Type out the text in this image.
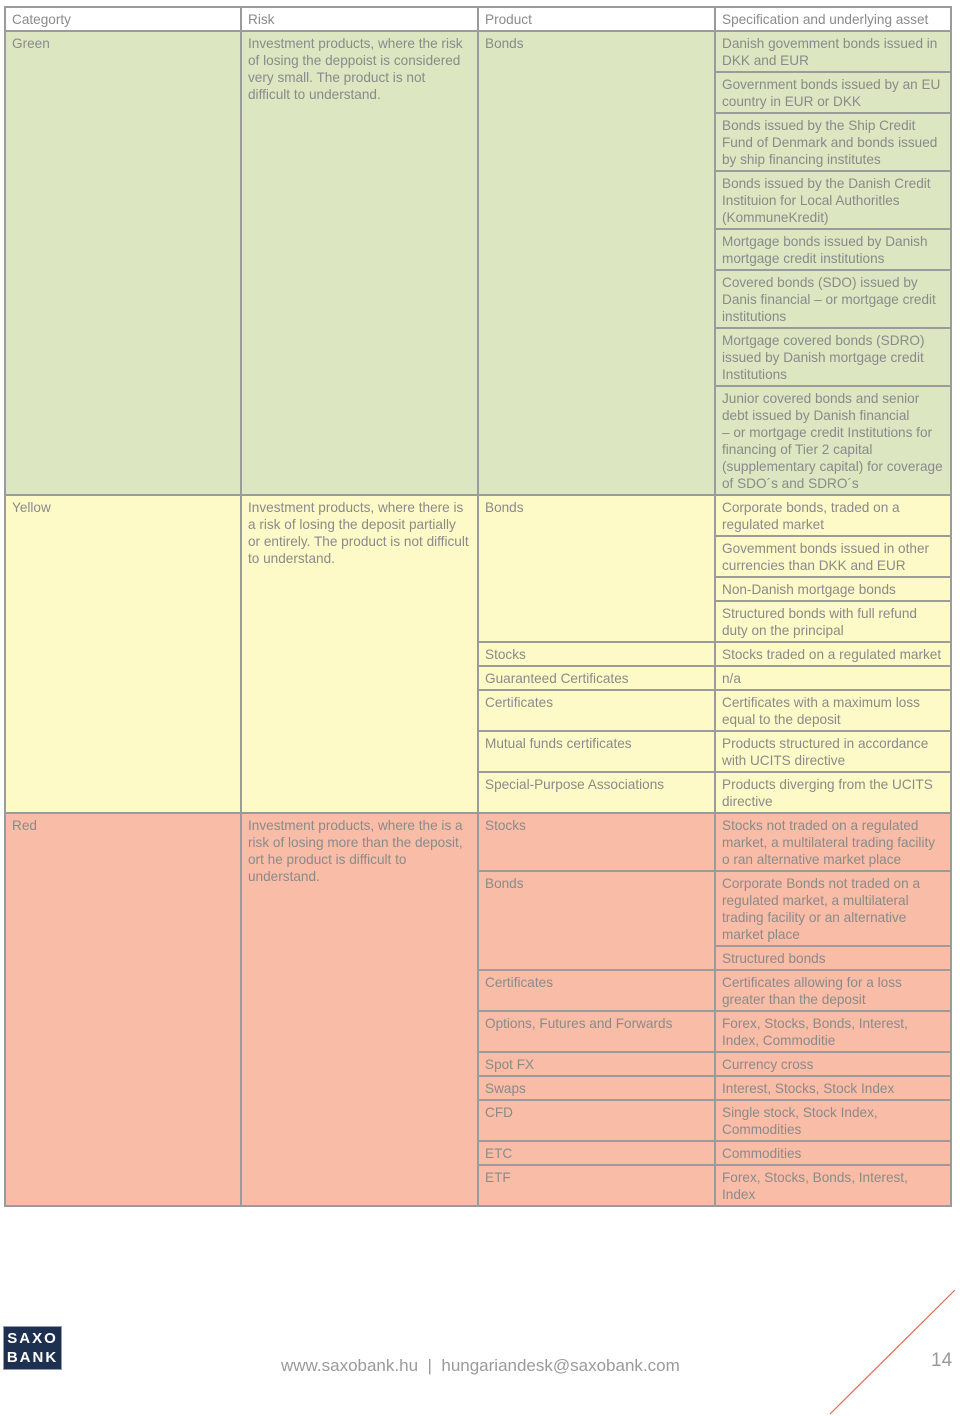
Categorty	Risk	Product	Specification and underlying asset
Green	Investment products, where the risk of losing the deppoist is considered very small. The product is not difficult to understand.	Bonds	Danish govemment bonds issued in DKK and EUR
			Government bonds issued by an EU country in EUR or DKK
			Bonds issued by the Ship Credit Fund of Denmark and bonds issued by ship financing institutes
			Bonds issued by the Danish Credit Instituion for Local Authoritles (KommuneKredit)
			Mortgage bonds issued by Danish mortgage credit institutions
			Covered bonds (SDO) issued by Danis financial – or mortgage credit institutions
			Mortgage covered bonds (SDRO) issued by Danish mortgage credit Institutions
			Junior covered bonds and senior debt issued by Danish financial
– or mortgage credit Institutions for financing of Tier 2 capital (supplementary capital) for coverage of SDO´s and SDRO´s
Yellow	Investment products, where there is a risk of losing the deposit partially or entirely. The product is not difficult to understand.	Bonds	Corporate bonds, traded on a regulated market
			Govemment bonds issued in other currencies than DKK and EUR
			Non-Danish mortgage bonds
			Structured bonds with full refund duty on the principal
		Stocks	Stocks traded on a regulated market
		Guaranteed Certificates	n/a
		Certificates	Certificates with a maximum loss equal to the deposit
		Mutual funds certificates	Products structured in accordance with UCITS directive
		Special-Purpose Associations	Products diverging from the UCITS directive
Red	Investment products, where the is a risk of losing more than the deposit, ort he product is difficult to understand.	Stocks	Stocks not traded on a regulated market, a multilateral trading facility o ran alternative market place
		Bonds	Corporate Bonds not traded on a regulated market, a multilateral trading facility or an alternative market place
			Structured bonds
		Certificates	Certificates allowing for a loss greater than the deposit
		Options, Futures and Forwards	Forex, Stocks, Bonds, Interest, Index, Commoditie
		Spot FX	Currency cross
		Swaps	Interest, Stocks, Stock Index
		CFD	Single stock, Stock Index, Commodities
		ETC	Commodities
		ETF	Forex, Stocks, Bonds, Interest, Index
SAXO
BANK	www.saxobank.hu | hungariandesk@saxobank.com	14
